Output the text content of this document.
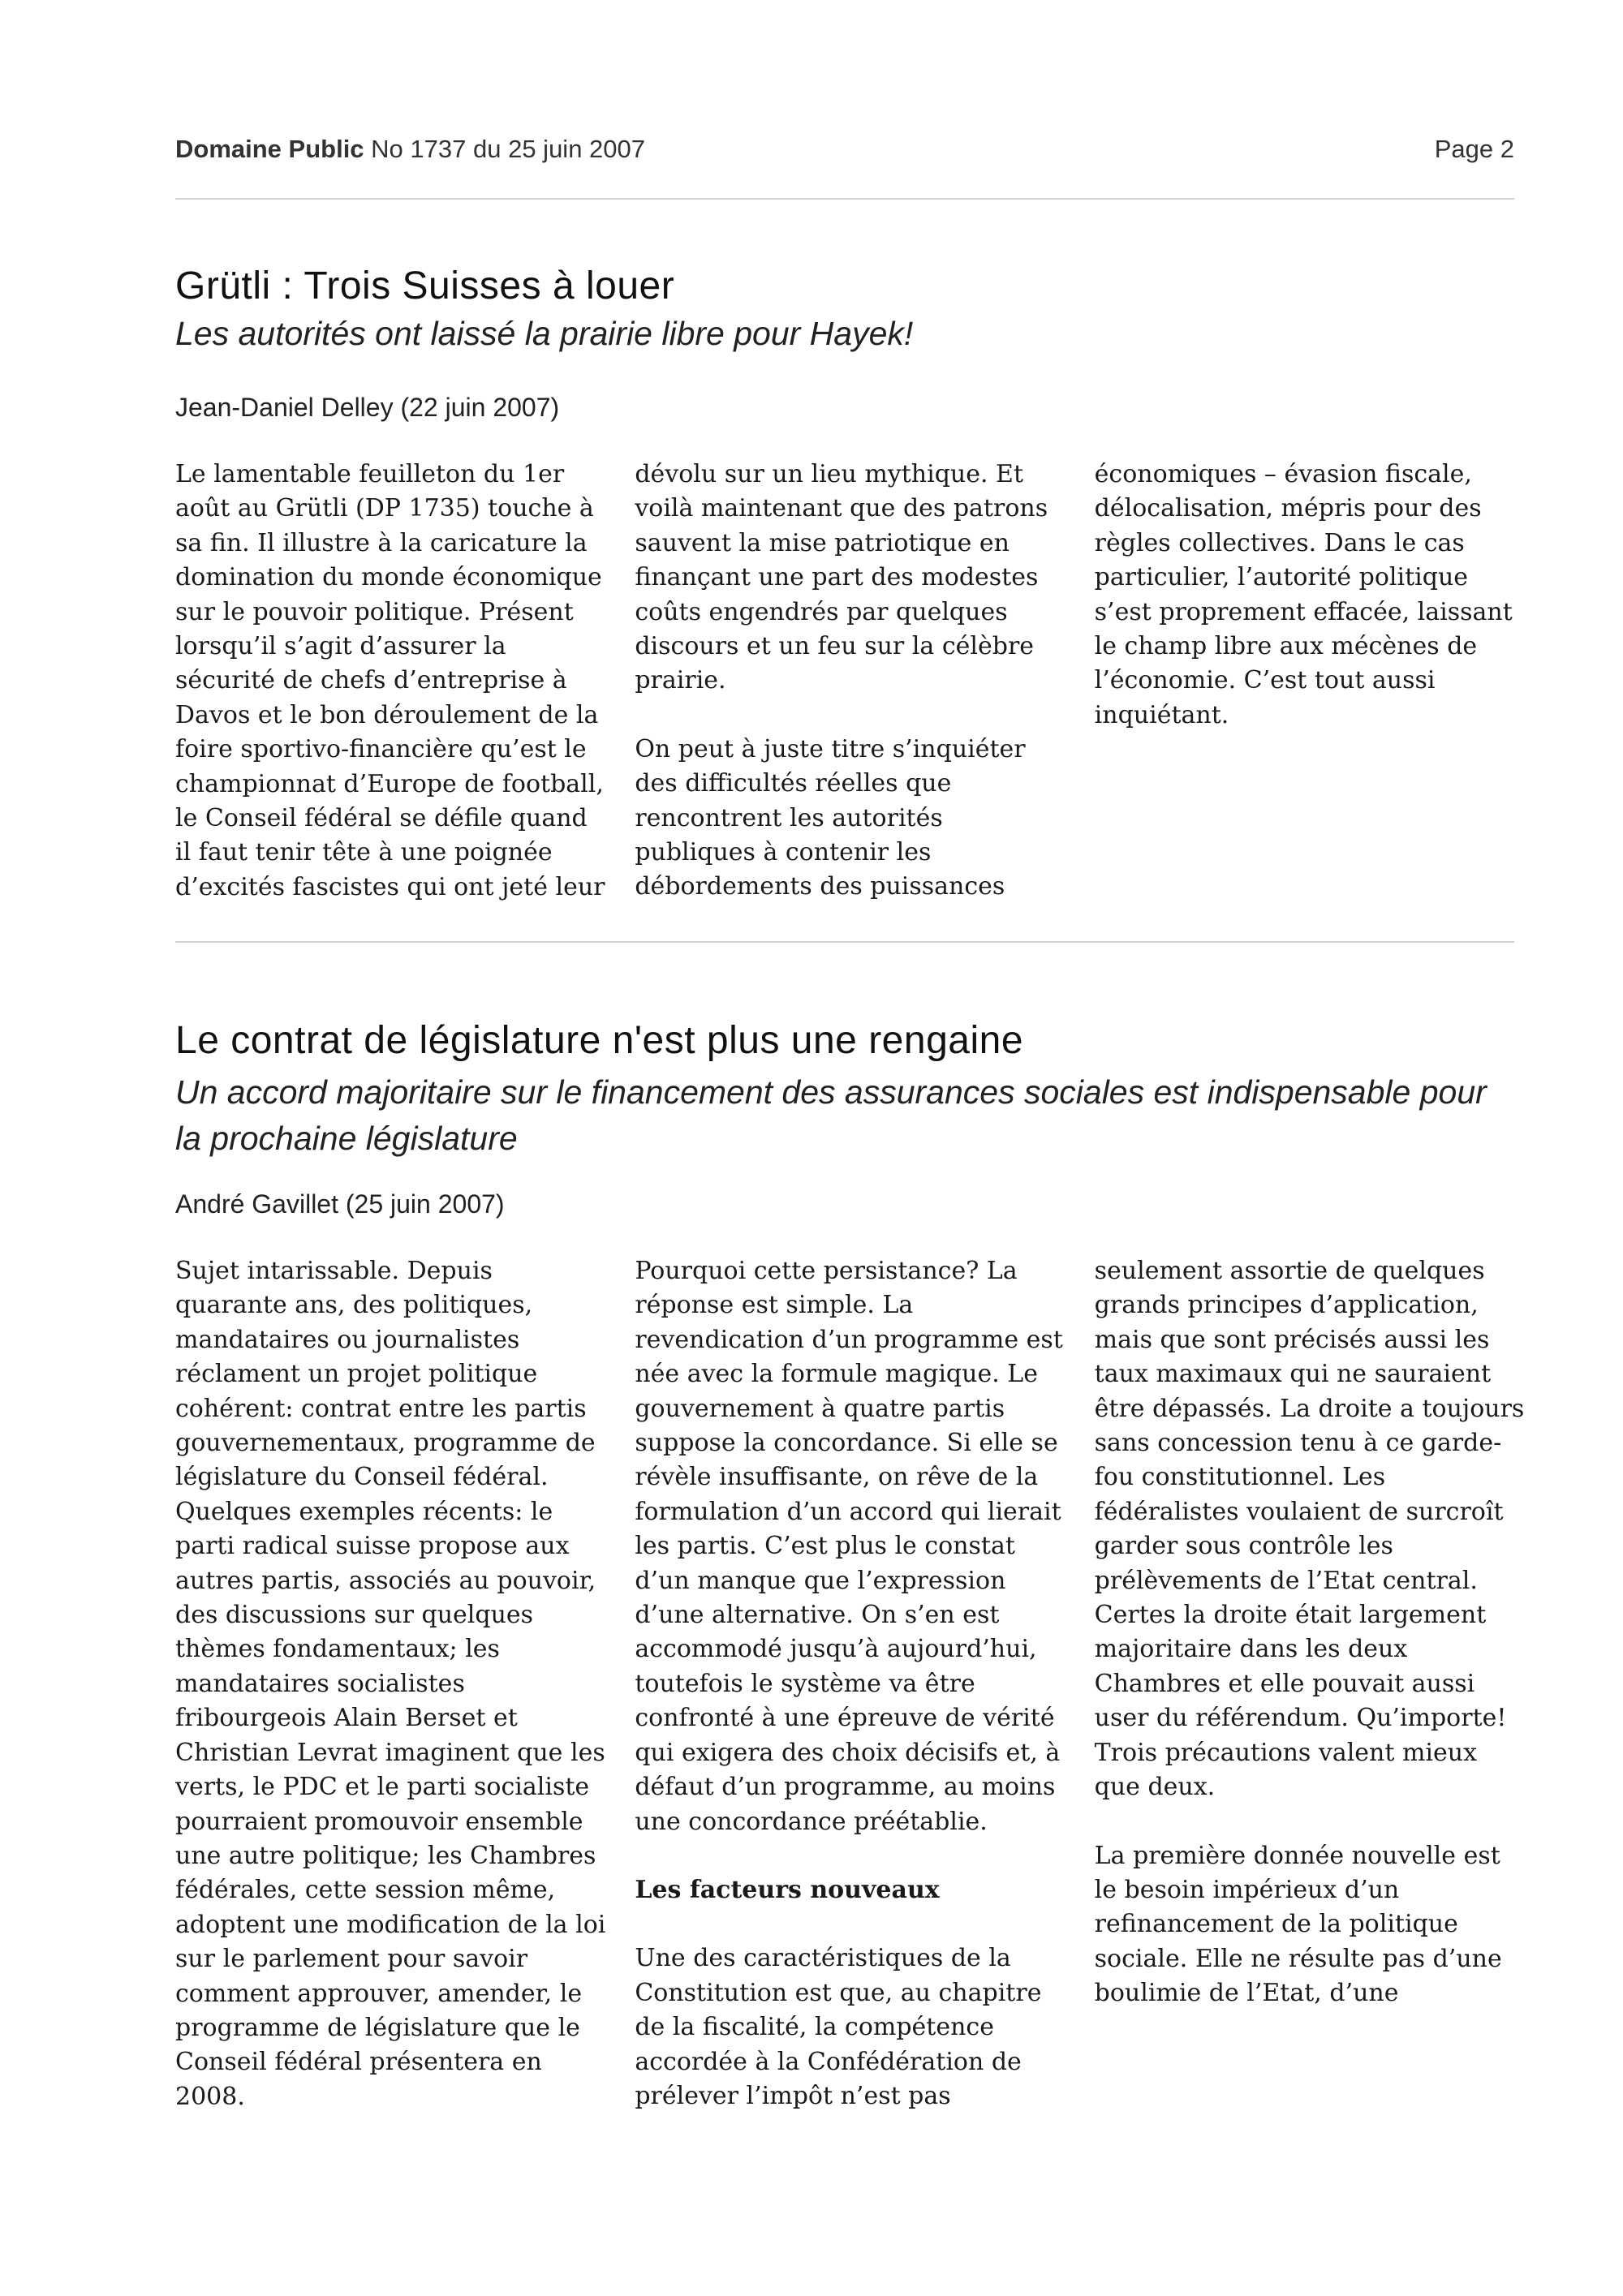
Domaine Public No 1737 du 25 juin 2007	Page 2
Grütli : Trois Suisses à louer
Les autorités ont laissé la prairie libre pour Hayek!
Jean-Daniel Delley (22 juin 2007)

Le lamentable feuilleton du 1er août au Grütli (DP 1735) touche à sa fin. Il illustre à la caricature la domination du monde économique sur le pouvoir politique. Présent lorsqu’il s’agit d’assurer la sécurité de chefs d’entreprise à Davos et le bon déroulement de la foire sportivo-financière qu’est le championnat d’Europe de football, le Conseil fédéral se défile quand il faut tenir tête à une poignée d’excités fascistes qui ont jeté leur dévolu sur un lieu mythique. Et voilà maintenant que des patrons sauvent la mise patriotique en finançant une part des modestes coûts engendrés par quelques discours et un feu sur la célèbre prairie.

On peut à juste titre s’inquiéter des difficultés réelles que rencontrent les autorités publiques à contenir les débordements des puissances économiques – évasion fiscale, délocalisation, mépris pour des règles collectives. Dans le cas particulier, l’autorité politique s’est proprement effacée, laissant le champ libre aux mécènes de l’économie. C’est tout aussi inquiétant.

Le contrat de législature n'est plus une rengaine
Un accord majoritaire sur le financement des assurances sociales est indispensable pour la prochaine législature
André Gavillet (25 juin 2007)

Sujet intarissable. Depuis quarante ans, des politiques, mandataires ou journalistes réclament un projet politique cohérent: contrat entre les partis gouvernementaux, programme de législature du Conseil fédéral. Quelques exemples récents: le parti radical suisse propose aux autres partis, associés au pouvoir, des discussions sur quelques thèmes fondamentaux; les mandataires socialistes fribourgeois Alain Berset et Christian Levrat imaginent que les verts, le PDC et le parti socialiste pourraient promouvoir ensemble une autre politique; les Chambres fédérales, cette session même, adoptent une modification de la loi sur le parlement pour savoir comment approuver, amender, le programme de législature que le Conseil fédéral présentera en 2008.

Pourquoi cette persistance? La réponse est simple. La revendication d’un programme est née avec la formule magique. Le gouvernement à quatre partis suppose la concordance. Si elle se révèle insuffisante, on rêve de la formulation d’un accord qui lierait les partis. C’est plus le constat d’un manque que l’expression d’une alternative. On s’en est accommodé jusqu’à aujourd’hui, toutefois le système va être confronté à une épreuve de vérité qui exigera des choix décisifs et, à défaut d’un programme, au moins une concordance préétablie.

Les facteurs nouveaux

Une des caractéristiques de la Constitution est que, au chapitre de la fiscalité, la compétence accordée à la Confédération de prélever l’impôt n’est pas seulement assortie de quelques grands principes d’application, mais que sont précisés aussi les taux maximaux qui ne sauraient être dépassés. La droite a toujours sans concession tenu à ce garde-fou constitutionnel. Les fédéralistes voulaient de surcroît garder sous contrôle les prélèvements de l’Etat central. Certes la droite était largement majoritaire dans les deux Chambres et elle pouvait aussi user du référendum. Qu’importe! Trois précautions valent mieux que deux.

La première donnée nouvelle est le besoin impérieux d’un refinancement de la politique sociale. Elle ne résulte pas d’une boulimie de l’Etat, d’une
